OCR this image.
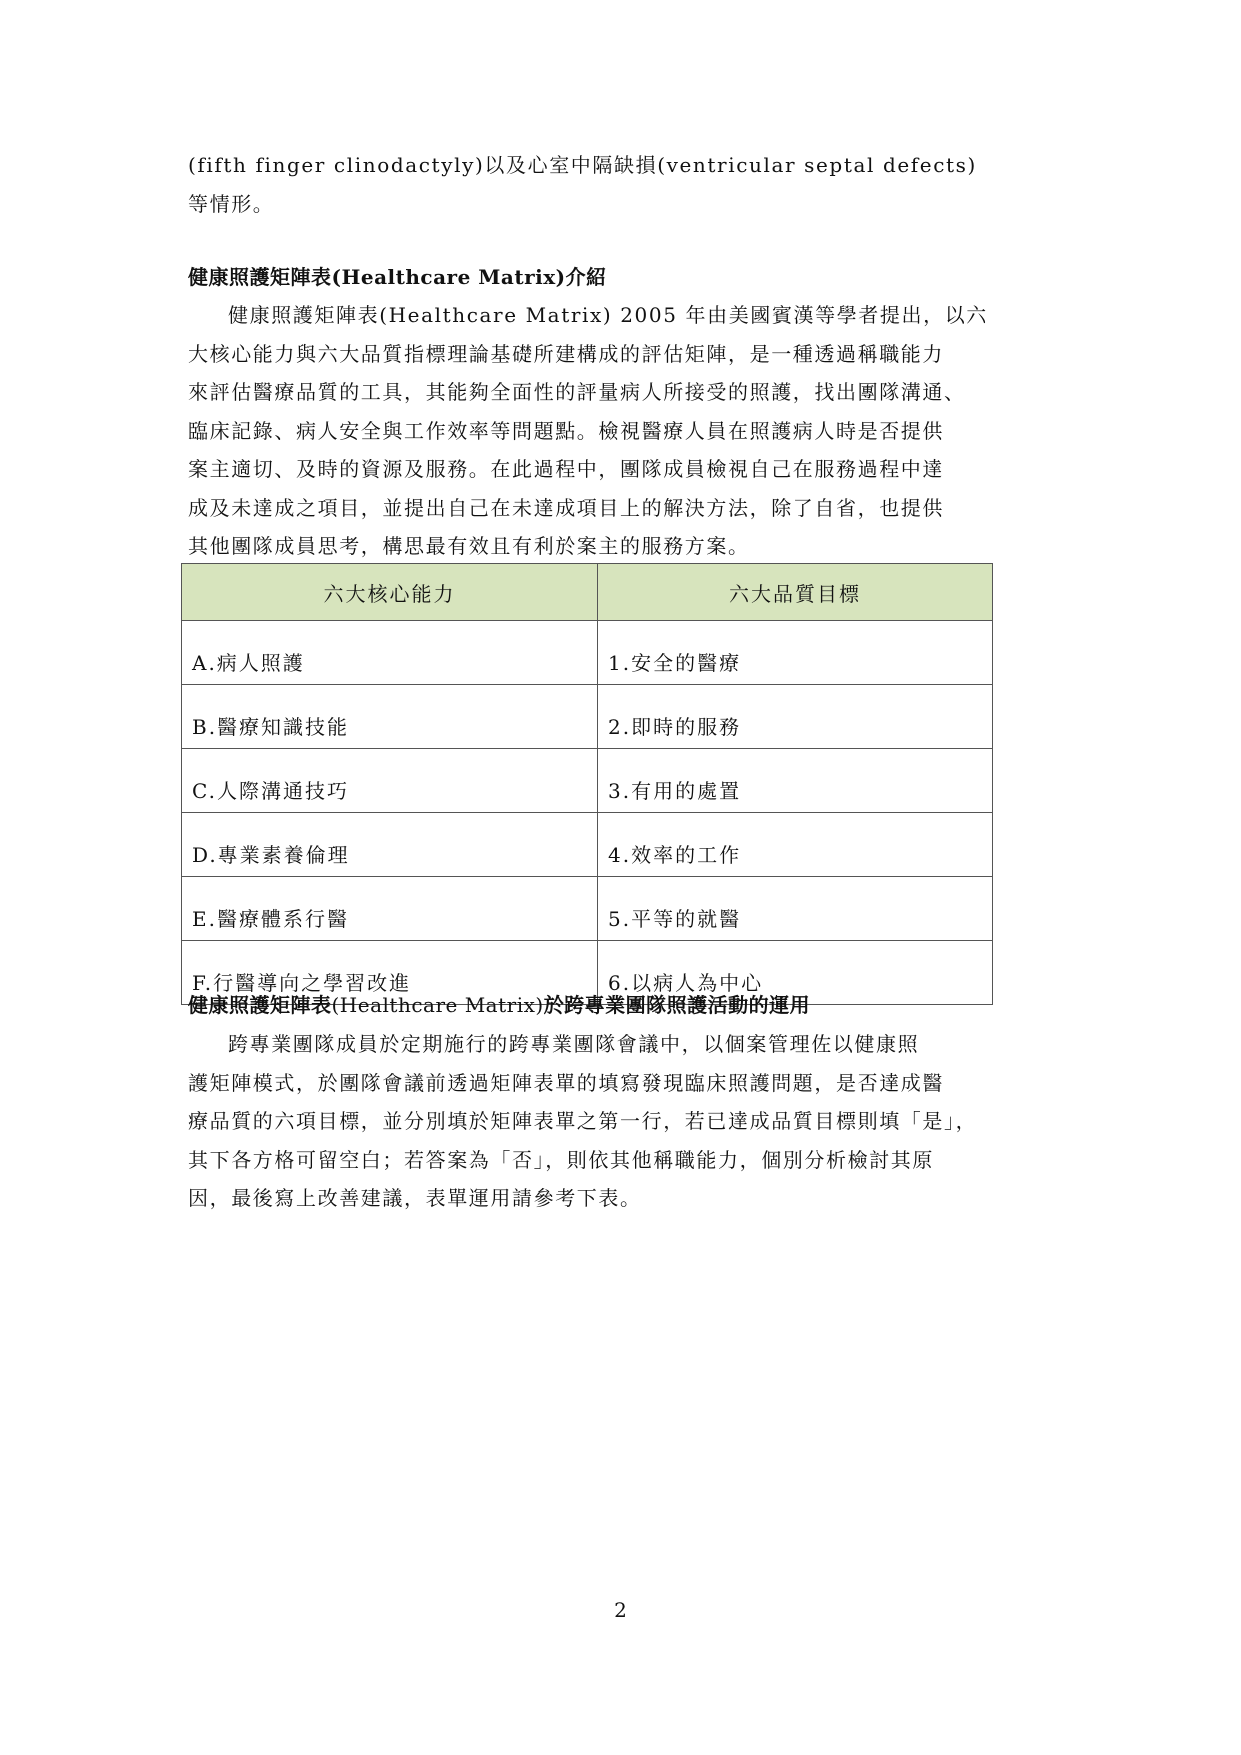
(fifth finger clinodactyly)以及心室中隔缺損(ventricular septal defects)
等情形。
健康照護矩陣表(Healthcare Matrix)介紹
健康照護矩陣表(Healthcare Matrix) 2005 年由美國賓漢等學者提出，以六
大核心能力與六大品質指標理論基礎所建構成的評估矩陣，是一種透過稱職能力
來評估醫療品質的工具，其能夠全面性的評量病人所接受的照護，找出團隊溝通、
臨床記錄、病人安全與工作效率等問題點。檢視醫療人員在照護病人時是否提供
案主適切、及時的資源及服務。在此過程中，團隊成員檢視自己在服務過程中達
成及未達成之項目，並提出自己在未達成項目上的解決方法，除了自省，也提供
其他團隊成員思考，構思最有效且有利於案主的服務方案。
六大核心能力	六大品質目標
A.病人照護	1.安全的醫療
B.醫療知識技能	2.即時的服務
C.人際溝通技巧	3.有用的處置
D.專業素養倫理	4.效率的工作
E.醫療體系行醫	5.平等的就醫
F.行醫導向之學習改進	6.以病人為中心
健康照護矩陣表(Healthcare Matrix)於跨專業團隊照護活動的運用
跨專業團隊成員於定期施行的跨專業團隊會議中，以個案管理佐以健康照
護矩陣模式，於團隊會議前透過矩陣表單的填寫發現臨床照護問題，是否達成醫
療品質的六項目標，並分別填於矩陣表單之第一行，若已達成品質目標則填「是」，
其下各方格可留空白；若答案為「否」，則依其他稱職能力，個別分析檢討其原
因，最後寫上改善建議，表單運用請參考下表。
2
